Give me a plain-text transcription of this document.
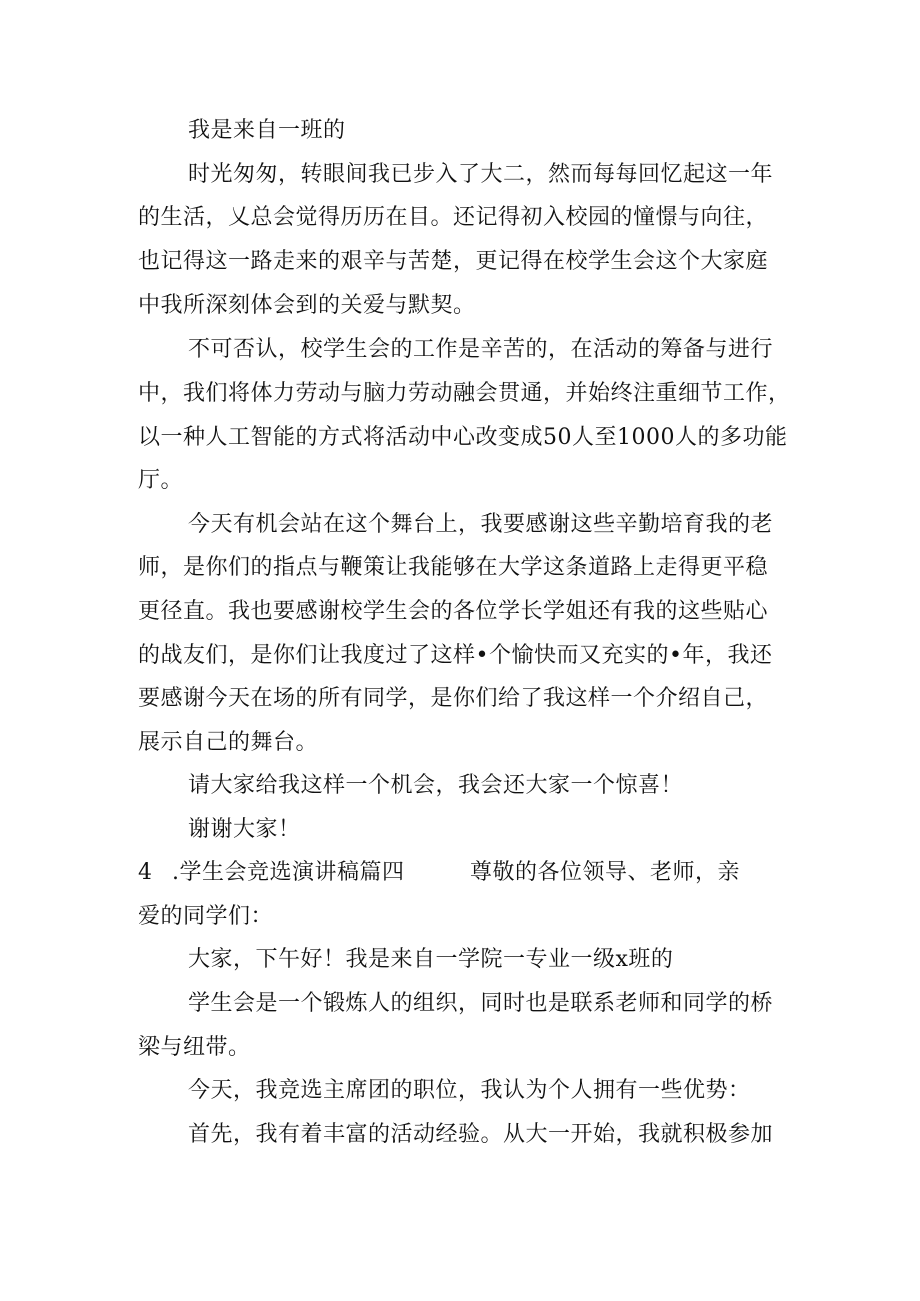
我是来自一班的
时光匆匆，转眼间我已步入了大二，然而每每回忆起这一年
的生活，乂总会觉得历历在目。还记得初入校园的憧憬与向往，
也记得这一路走来的艰辛与苦楚，更记得在校学生会这个大家庭
中我所深刻体会到的关爱与默契。
不可否认，校学生会的工作是辛苦的，在活动的筹备与进行
中，我们将体力劳动与脑力劳动融会贯通，并始终注重细节工作，
以一种人工智能的方式将活动中心改变成50人至1000人的多功能
厅。
今天有机会站在这个舞台上，我要感谢这些辛勤培育我的老
师，是你们的指点与鞭策让我能够在大学这条道路上走得更平稳
更径直。我也要感谢校学生会的各位学长学姐还有我的这些贴心
的战友们，是你们让我度过了这样•个愉快而又充实的•年，我还
要感谢今天在场的所有同学，是你们给了我这样一个介绍自己，
展示自己的舞台。
请大家给我这样一个机会，我会还大家一个惊喜！
谢谢大家！
4 .学生会竞选演讲稿篇四	尊敬的各位领导、老师，亲
爱的同学们：
大家，下午好！我是来自一学院一专业一级x班的
学生会是一个锻炼人的组织，同时也是联系老师和同学的桥
梁与纽带。
今天，我竞选主席团的职位，我认为个人拥有一些优势：
首先，我有着丰富的活动经验。从大一开始，我就积极参加
